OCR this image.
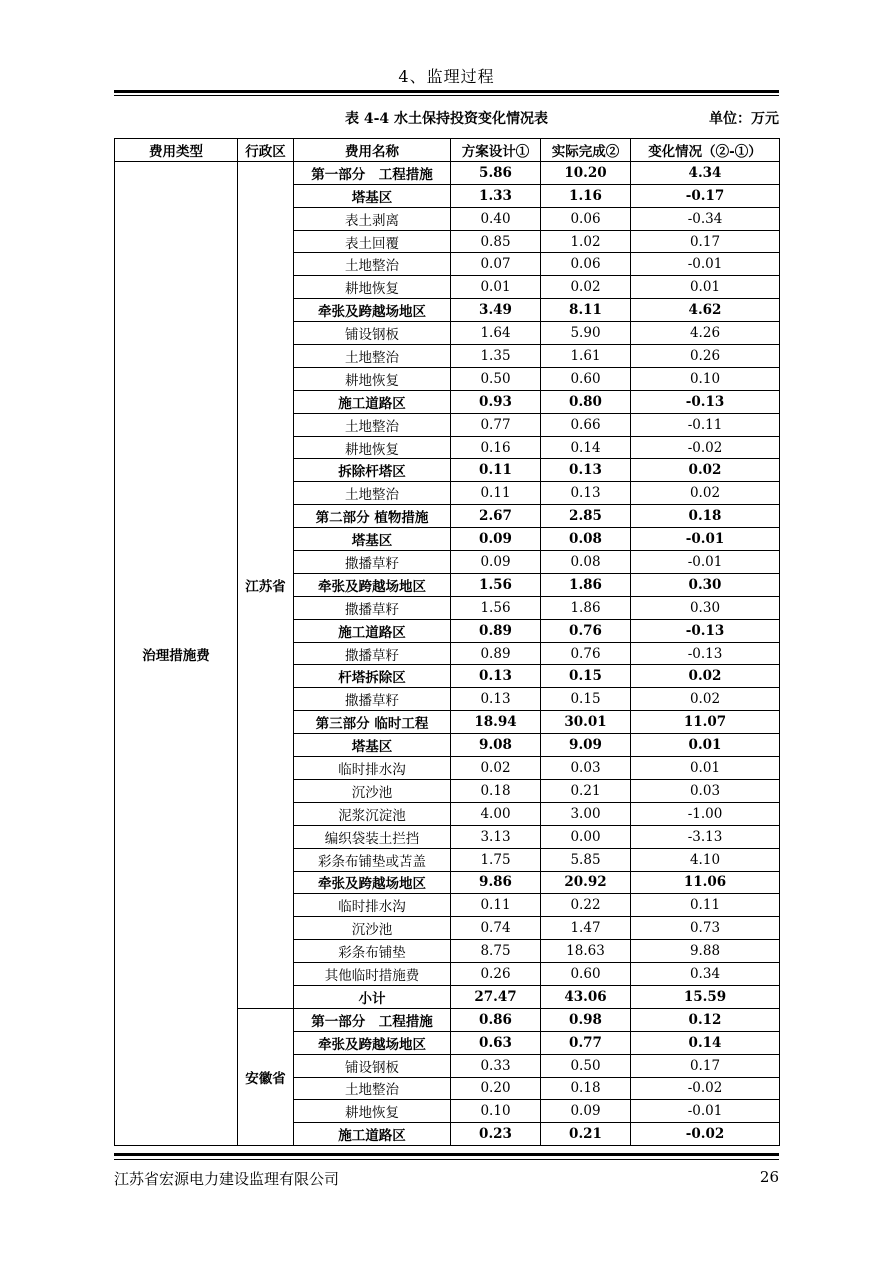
4、监理过程
表 4-4 水土保持投资变化情况表	单位：万元
费用类型	行政区	费用名称	方案设计①	实际完成②	变化情况（②-①）
治理措施费	江苏省	第一部分　工程措施	5.86	10.20	4.34
		塔基区	1.33	1.16	-0.17
		表土剥离	0.40	0.06	-0.34
		表土回覆	0.85	1.02	0.17
		土地整治	0.07	0.06	-0.01
		耕地恢复	0.01	0.02	0.01
		牵张及跨越场地区	3.49	8.11	4.62
		铺设钢板	1.64	5.90	4.26
		土地整治	1.35	1.61	0.26
		耕地恢复	0.50	0.60	0.10
		施工道路区	0.93	0.80	-0.13
		土地整治	0.77	0.66	-0.11
		耕地恢复	0.16	0.14	-0.02
		拆除杆塔区	0.11	0.13	0.02
		土地整治	0.11	0.13	0.02
		第二部分 植物措施	2.67	2.85	0.18
		塔基区	0.09	0.08	-0.01
		撒播草籽	0.09	0.08	-0.01
		牵张及跨越场地区	1.56	1.86	0.30
		撒播草籽	1.56	1.86	0.30
		施工道路区	0.89	0.76	-0.13
		撒播草籽	0.89	0.76	-0.13
		杆塔拆除区	0.13	0.15	0.02
		撒播草籽	0.13	0.15	0.02
		第三部分 临时工程	18.94	30.01	11.07
		塔基区	9.08	9.09	0.01
		临时排水沟	0.02	0.03	0.01
		沉沙池	0.18	0.21	0.03
		泥浆沉淀池	4.00	3.00	-1.00
		编织袋装土拦挡	3.13	0.00	-3.13
		彩条布铺垫或苫盖	1.75	5.85	4.10
		牵张及跨越场地区	9.86	20.92	11.06
		临时排水沟	0.11	0.22	0.11
		沉沙池	0.74	1.47	0.73
		彩条布铺垫	8.75	18.63	9.88
		其他临时措施费	0.26	0.60	0.34
		小计	27.47	43.06	15.59
	安徽省	第一部分　工程措施	0.86	0.98	0.12
		牵张及跨越场地区	0.63	0.77	0.14
		铺设钢板	0.33	0.50	0.17
		土地整治	0.20	0.18	-0.02
		耕地恢复	0.10	0.09	-0.01
		施工道路区	0.23	0.21	-0.02
江苏省宏源电力建设监理有限公司	26
